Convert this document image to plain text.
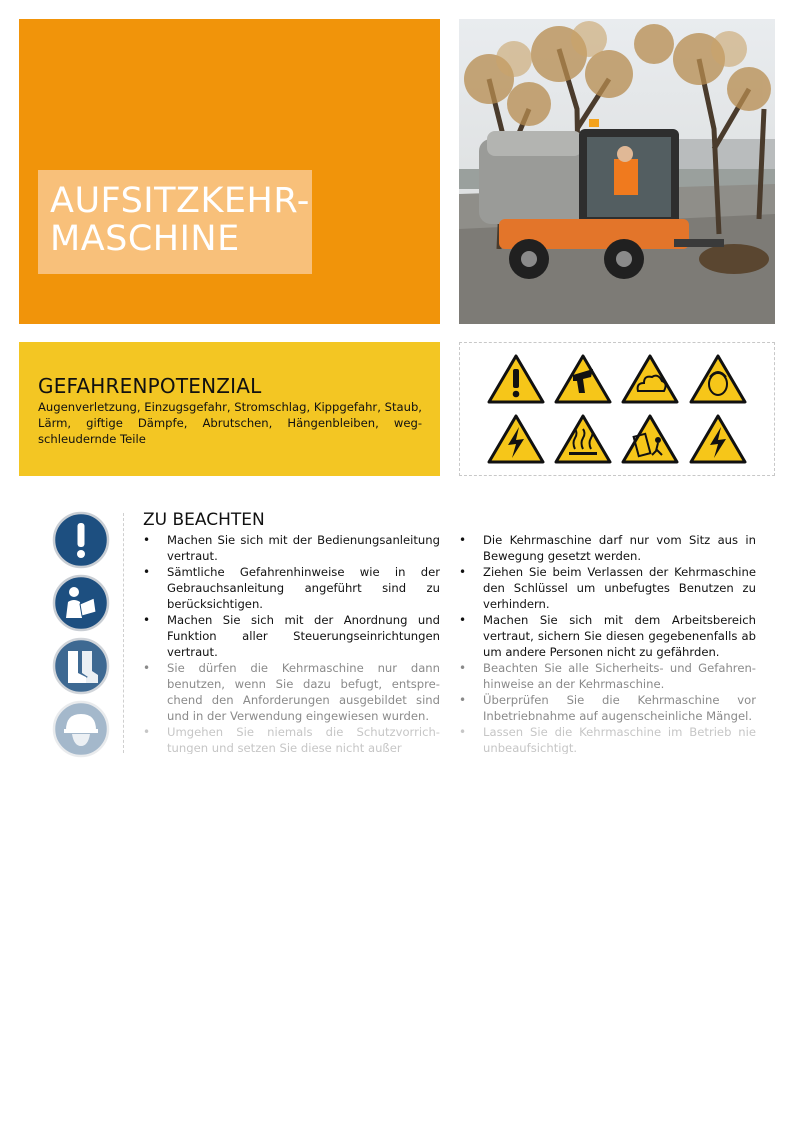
AUFSITZKEHR-
MASCHINE
GEFAHRENPOTENZIAL

Augenverletzung, Einzugsgefahr, Stromschlag, Kippgefahr, Staub, Lärm, giftige Dämpfe, Abrutschen, Hängenbleiben, weg-schleudernde Teile

ZU BEACHTEN
• Machen Sie sich mit der Bedienungsanleitung vertraut.
• Sämtliche Gefahrenhinweise wie in der Gebrauchsanleitung angeführt sind zu berücksichtigen.
• Machen Sie sich mit der Anordnung und Funktion aller Steuerungseinrichtungen vertraut.
• Sie dürfen die Kehrmaschine nur dann benutzen, wenn Sie dazu befugt, entspre-chend den Anforderungen ausgebildet sind und in der Verwendung eingewiesen wurden.
• Umgehen Sie niemals die Schutzvorrich-tungen und setzen Sie diese nicht außer
• Die Kehrmaschine darf nur vom Sitz aus in Bewegung gesetzt werden.
• Ziehen Sie beim Verlassen der Kehrmaschine den Schlüssel um unbefugtes Benutzen zu verhindern.
• Machen Sie sich mit dem Arbeitsbereich vertraut, sichern Sie diesen gegebenenfalls ab um andere Personen nicht zu gefährden.
• Beachten Sie alle Sicherheits- und Gefahren-hinweise an der Kehrmaschine.
• Überprüfen Sie die Kehrmaschine vor Inbetriebnahme auf augenscheinliche Mängel.
• Lassen Sie die Kehrmaschine im Betrieb nie unbeaufsichtigt.
